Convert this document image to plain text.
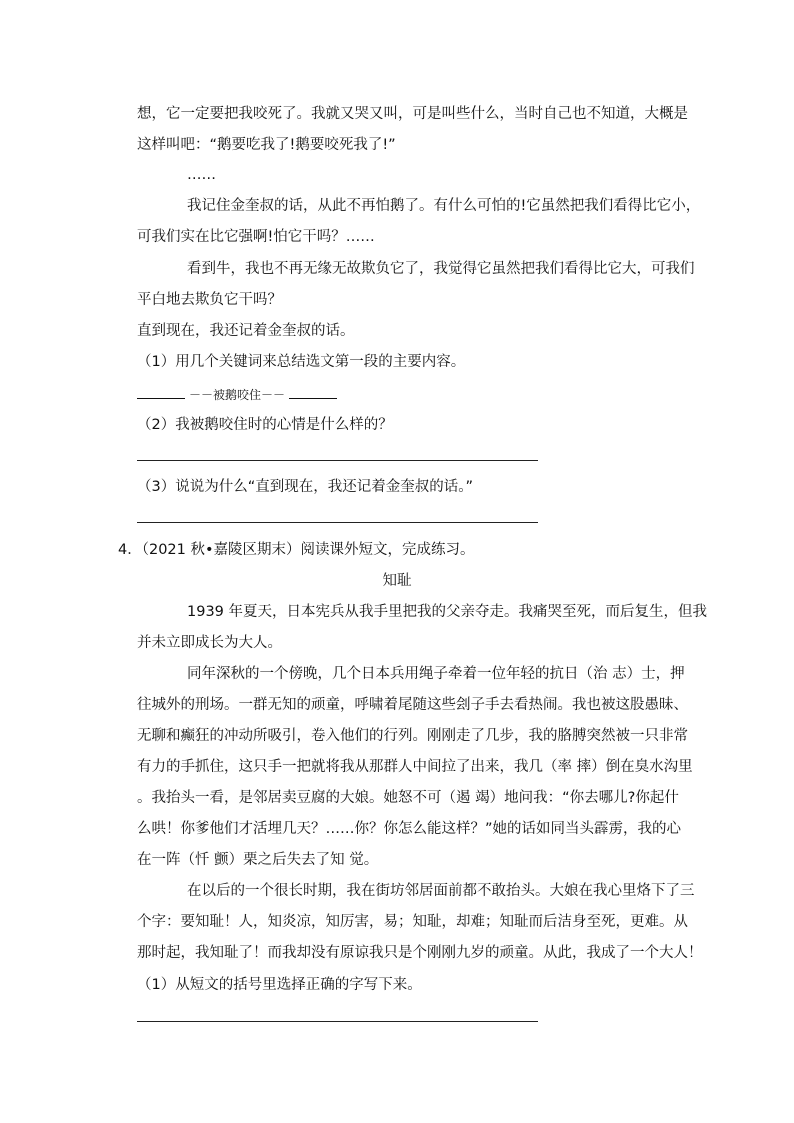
想，它一定要把我咬死了。我就又哭又叫，可是叫些什么，当时自己也不知道，大概是
这样叫吧：“鹅要吃我了!鹅要咬死我了!”
……
我记住金奎叔的话，从此不再怕鹅了。有什么可怕的!它虽然把我们看得比它小，
可我们实在比它强啊!怕它干吗？……
看到牛，我也不再无缘无故欺负它了，我觉得它虽然把我们看得比它大，可我们
平白地去欺负它干吗？
直到现在，我还记着金奎叔的话。
（1）用几个关键词来总结选文第一段的主要内容。
－－被鹅咬住－－
（2）我被鹅咬住时的心情是什么样的？
（3）说说为什么“直到现在，我还记着金奎叔的话。”
4．（2021 秋•嘉陵区期末）阅读课外短文，完成练习。
知耻
1939 年夏天，日本宪兵从我手里把我的父亲夺走。我痛哭至死，而后复生，但我
并未立即成长为大人。
同年深秋的一个傍晚，几个日本兵用绳子牵着一位年轻的抗日（治 志）士，押
往城外的刑场。一群无知的顽童，呼啸着尾随这些刽子手去看热闹。我也被这股愚昧、
无聊和癫狂的冲动所吸引，卷入他们的行列。刚刚走了几步，我的胳膊突然被一只非常
有力的手抓住，这只手一把就将我从那群人中间拉了出来，我几（率 摔）倒在臭水沟里
。我抬头一看，是邻居卖豆腐的大娘。她怒不可（遏 竭）地问我：“你去哪儿?你起什
么哄！你爹他们才活埋几天？……你？你怎么能这样？”她的话如同当头霹雳，我的心
在一阵（忏 颤）栗之后失去了知 觉。
在以后的一个很长时期，我在街坊邻居面前都不敢抬头。大娘在我心里烙下了三
个字：要知耻！人，知炎凉，知厉害，易；知耻，却难；知耻而后洁身至死，更难。从
那时起，我知耻了！而我却没有原谅我只是个刚刚九岁的顽童。从此，我成了一个大人！
（1）从短文的括号里选择正确的字写下来。
